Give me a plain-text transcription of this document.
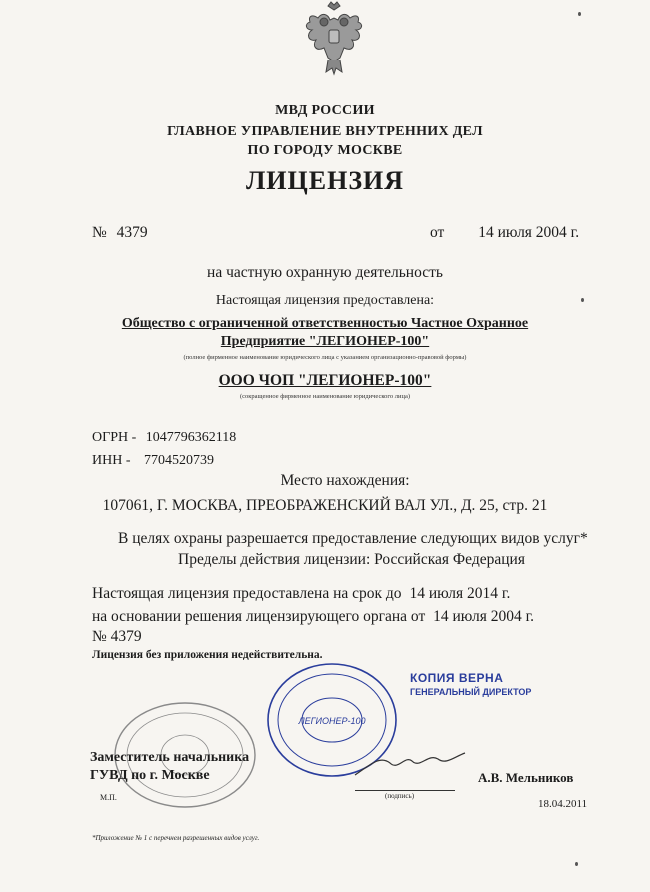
МВД РОССИИ
ГЛАВНОЕ УПРАВЛЕНИЕ ВНУТРЕННИХ ДЕЛ
ПО ГОРОДУ МОСКВЕ
ЛИЦЕНЗИЯ
№ 4379	от 14 июля 2004 г.
на частную охранную деятельность
Настоящая лицензия предоставлена:
Общество с ограниченной ответственностью Частное Охранное
Предприятие "ЛЕГИОНЕР-100"
(полное фирменное наименование юридического лица с указанием организационно-правовой формы)
ООО ЧОП "ЛЕГИОНЕР-100"
(сокращенное фирменное наименование юридического лица)
ОГРН - 1047796362118
ИНН - 7704520739
Место нахождения:
107061, Г. МОСКВА, ПРЕОБРАЖЕНСКИЙ ВАЛ УЛ., Д. 25, стр. 21
В целях охраны разрешается предоставление следующих видов услуг*
Пределы действия лицензии: Российская Федерация
Настоящая лицензия предоставлена на срок до 14 июля 2014 г.
на основании решения лицензирующего органа от 14 июля 2004 г.
№ 4379
Лицензия без приложения недействительна.
КОПИЯ ВЕРНА
ГЕНЕРАЛЬНЫЙ ДИРЕКТОР
ЛЕГИОНЕР-100
Заместитель начальника
ГУВД по г. Москве
М.П.	(подпись)
А.В. Мельников
18.04.2011
*Приложение № 1 с перечнем разрешенных видов услуг.
